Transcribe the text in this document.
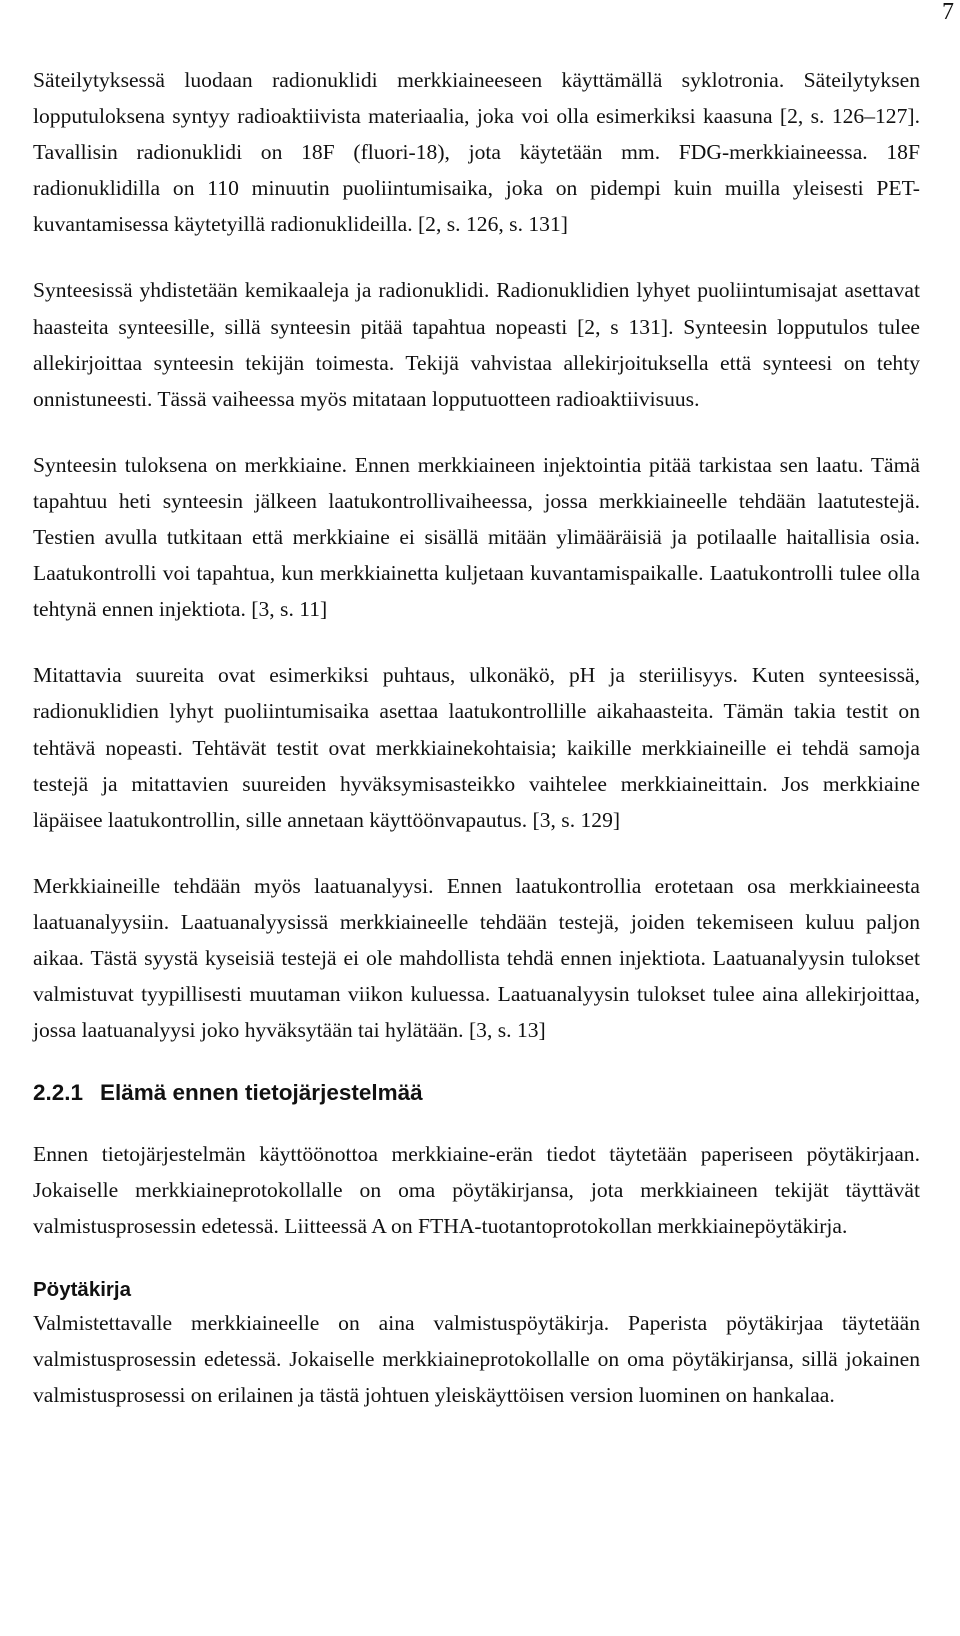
7

Säteilytyksessä luodaan radionuklidi merkkiaineeseen käyttämällä syklotronia. Säteilytyksen lopputuloksena syntyy radioaktiivista materiaalia, joka voi olla esimerkiksi kaasuna [2, s. 126–127]. Tavallisin radionuklidi on 18F (fluori-18), jota käytetään mm. FDG-merkkiaineessa. 18F radionuklidilla on 110 minuutin puoliintumisaika, joka on pidempi kuin muilla yleisesti PET-kuvantamisessa käytetyillä radionuklideilla. [2, s. 126, s. 131]

Synteesissä yhdistetään kemikaaleja ja radionuklidi. Radionuklidien lyhyet puoliintumisajat asettavat haasteita synteesille, sillä synteesin pitää tapahtua nopeasti [2, s 131]. Synteesin lopputulos tulee allekirjoittaa synteesin tekijän toimesta. Tekijä vahvistaa allekirjoituksella että synteesi on tehty onnistuneesti. Tässä vaiheessa myös mitataan lopputuotteen radioaktiivisuus.

Synteesin tuloksena on merkkiaine. Ennen merkkiaineen injektointia pitää tarkistaa sen laatu. Tämä tapahtuu heti synteesin jälkeen laatukontrollivaiheessa, jossa merkkiaineelle tehdään laatutestejä. Testien avulla tutkitaan että merkkiaine ei sisällä mitään ylimääräisiä ja potilaalle haitallisia osia. Laatukontrolli voi tapahtua, kun merkkiainetta kuljetaan kuvantamispaikalle. Laatukontrolli tulee olla tehtynä ennen injektiota. [3, s. 11]

Mitattavia suureita ovat esimerkiksi puhtaus, ulkonäkö, pH ja steriilisyys. Kuten synteesissä, radionuklidien lyhyt puoliintumisaika asettaa laatukontrollille aikahaasteita. Tämän takia testit on tehtävä nopeasti. Tehtävät testit ovat merkkiainekohtaisia; kaikille merkkiaineille ei tehdä samoja testejä ja mitattavien suureiden hyväksymisasteikko vaihtelee merkkiaineittain. Jos merkkiaine läpäisee laatukontrollin, sille annetaan käyttöönvapautus. [3, s. 129]

Merkkiaineille tehdään myös laatuanalyysi. Ennen laatukontrollia erotetaan osa merkkiaineesta laatuanalyysiin. Laatuanalyysissä merkkiaineelle tehdään testejä, joiden tekemiseen kuluu paljon aikaa. Tästä syystä kyseisiä testejä ei ole mahdollista tehdä ennen injektiota. Laatuanalyysin tulokset valmistuvat tyypillisesti muutaman viikon kuluessa. Laatuanalyysin tulokset tulee aina allekirjoittaa, jossa laatuanalyysi joko hyväksytään tai hylätään. [3, s. 13]

2.2.1 Elämä ennen tietojärjestelmää

Ennen tietojärjestelmän käyttöönottoa merkkiaine-erän tiedot täytetään paperiseen pöytäkirjaan. Jokaiselle merkkiaineprotokollalle on oma pöytäkirjansa, jota merkkiaineen tekijät täyttävät valmistusprosessin edetessä. Liitteessä A on FTHA-tuotantoprotokollan merkkiainepöytäkirja.

Pöytäkirja

Valmistettavalle merkkiaineelle on aina valmistuspöytäkirja. Paperista pöytäkirjaa täytetään valmistusprosessin edetessä. Jokaiselle merkkiaineprotokollalle on oma pöytäkirjansa, sillä jokainen valmistusprosessi on erilainen ja tästä johtuen yleiskäyttöisen version luominen on hankalaa.
